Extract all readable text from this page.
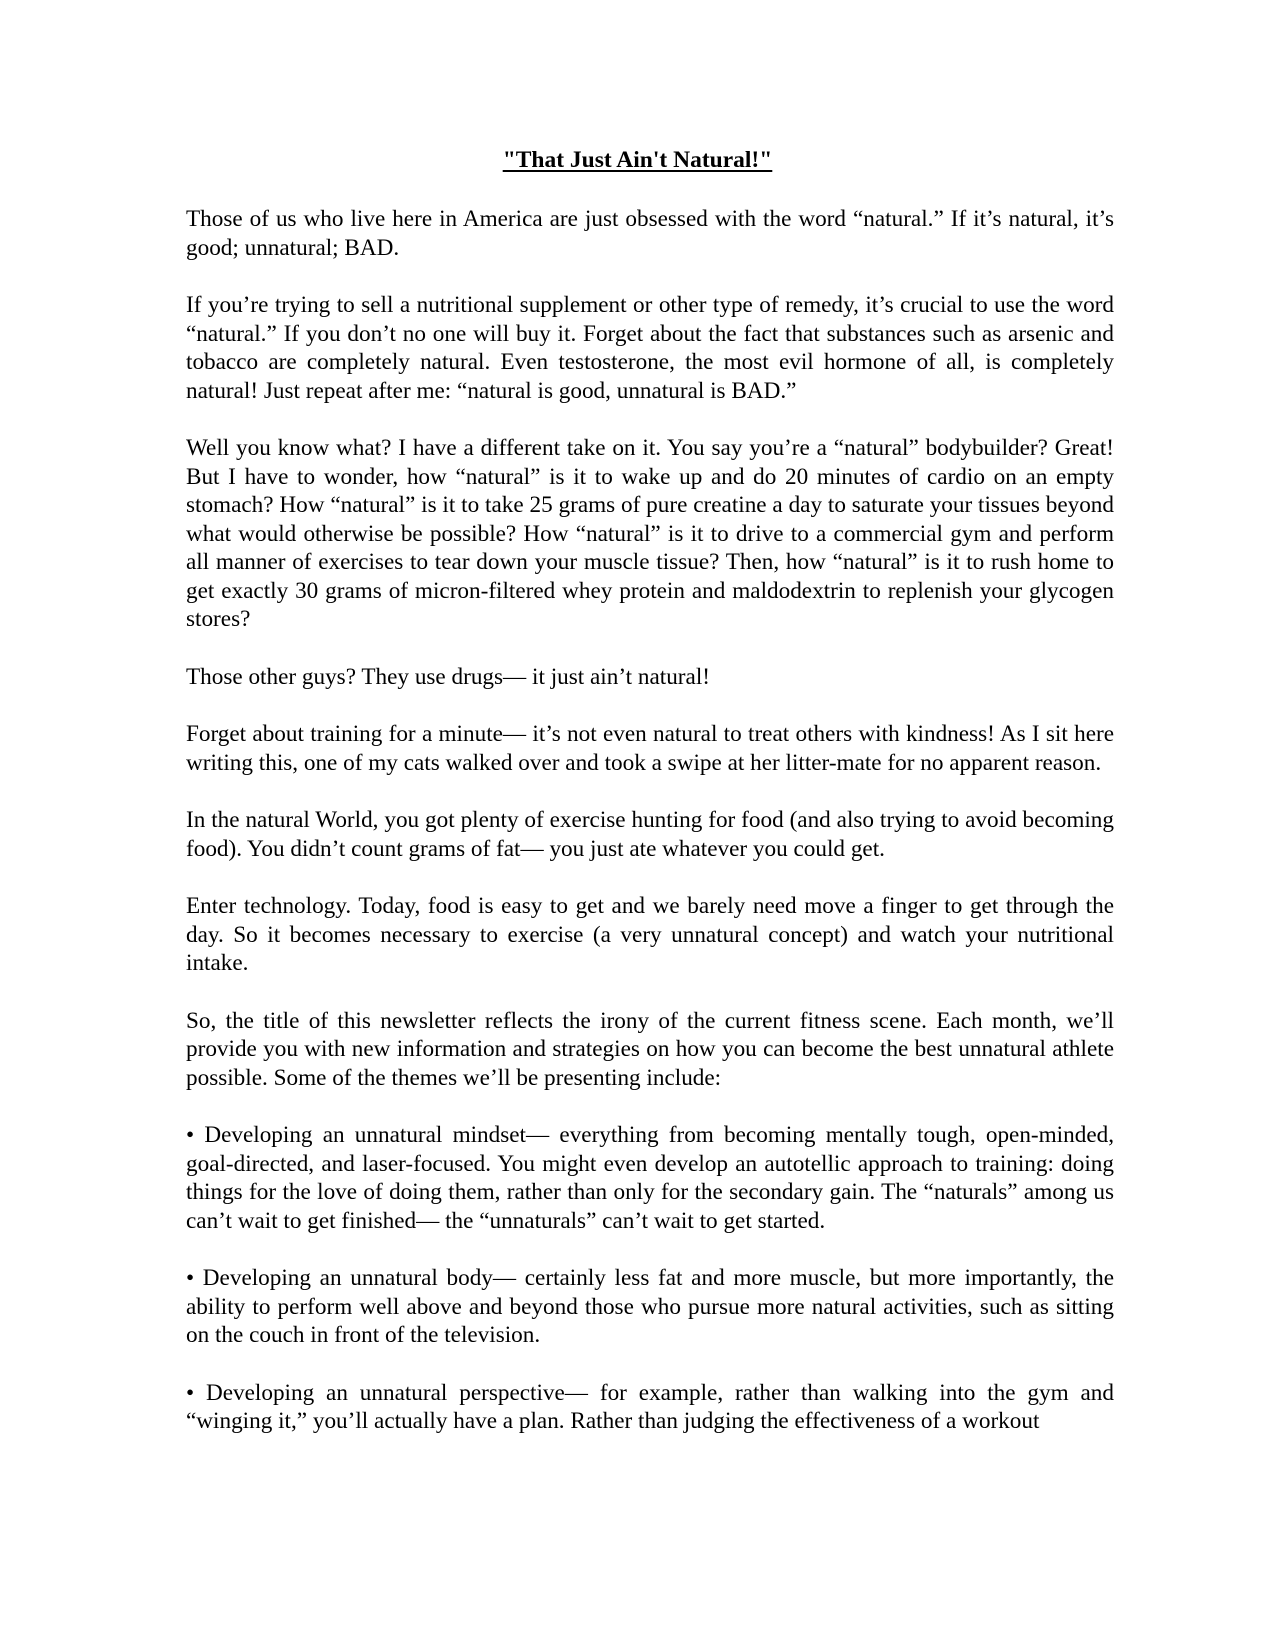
"That Just Ain't Natural!"

Those of us who live here in America are just obsessed with the word “natural.” If it’s natural, it’s good; unnatural; BAD.

If you’re trying to sell a nutritional supplement or other type of remedy, it’s crucial to use the word “natural.” If you don’t no one will buy it. Forget about the fact that substances such as arsenic and tobacco are completely natural. Even testosterone, the most evil hormone of all, is completely natural! Just repeat after me: “natural is good, unnatural is BAD.”

Well you know what? I have a different take on it. You say you’re a “natural” bodybuilder? Great! But I have to wonder, how “natural” is it to wake up and do 20 minutes of cardio on an empty stomach? How “natural” is it to take 25 grams of pure creatine a day to saturate your tissues beyond what would otherwise be possible? How “natural” is it to drive to a commercial gym and perform all manner of exercises to tear down your muscle tissue? Then, how “natural” is it to rush home to get exactly 30 grams of micron-filtered whey protein and maldodextrin to replenish your glycogen stores?

Those other guys? They use drugs— it just ain’t natural!

Forget about training for a minute— it’s not even natural to treat others with kindness! As I sit here writing this, one of my cats walked over and took a swipe at her litter-mate for no apparent reason.

In the natural World, you got plenty of exercise hunting for food (and also trying to avoid becoming food). You didn’t count grams of fat— you just ate whatever you could get.

Enter technology. Today, food is easy to get and we barely need move a finger to get through the day. So it becomes necessary to exercise (a very unnatural concept) and watch your nutritional intake.

So, the title of this newsletter reflects the irony of the current fitness scene. Each month, we’ll provide you with new information and strategies on how you can become the best unnatural athlete possible. Some of the themes we’ll be presenting include:

• Developing an unnatural mindset— everything from becoming mentally tough, open-minded, goal-directed, and laser-focused. You might even develop an autotellic approach to training: doing things for the love of doing them, rather than only for the secondary gain. The “naturals” among us can’t wait to get finished— the “unnaturals” can’t wait to get started.

• Developing an unnatural body— certainly less fat and more muscle, but more importantly, the ability to perform well above and beyond those who pursue more natural activities, such as sitting on the couch in front of the television.

• Developing an unnatural perspective— for example, rather than walking into the gym and “winging it,” you’ll actually have a plan. Rather than judging the effectiveness of a workout
